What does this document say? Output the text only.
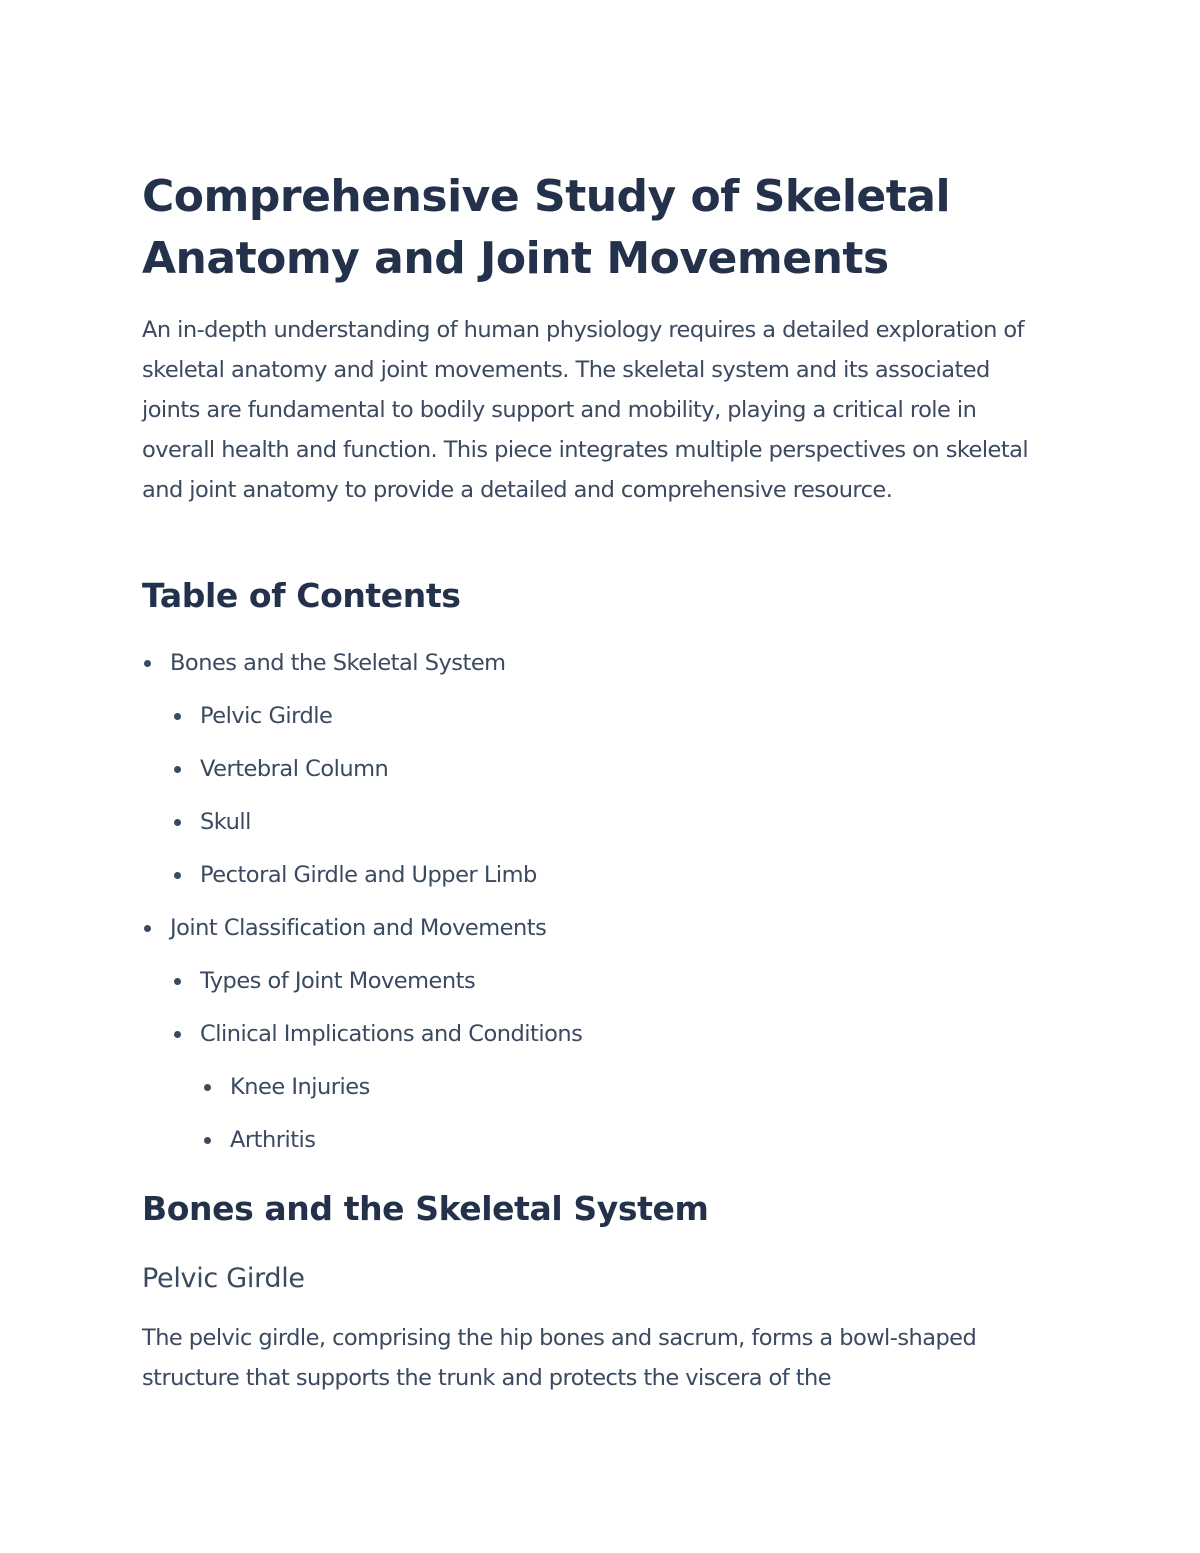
Comprehensive Study of Skeletal Anatomy and Joint Movements

An in-depth understanding of human physiology requires a detailed exploration of skeletal anatomy and joint movements. The skeletal system and its associated joints are fundamental to bodily support and mobility, playing a critical role in overall health and function. This piece integrates multiple perspectives on skeletal and joint anatomy to provide a detailed and comprehensive resource.

Table of Contents
Bones and the Skeletal System
Pelvic Girdle
Vertebral Column
Skull
Pectoral Girdle and Upper Limb
Joint Classification and Movements
Types of Joint Movements
Clinical Implications and Conditions
Knee Injuries
Arthritis
Bones and the Skeletal System
Pelvic Girdle

The pelvic girdle, comprising the hip bones and sacrum, forms a bowl-shaped structure that supports the trunk and protects the viscera of the
